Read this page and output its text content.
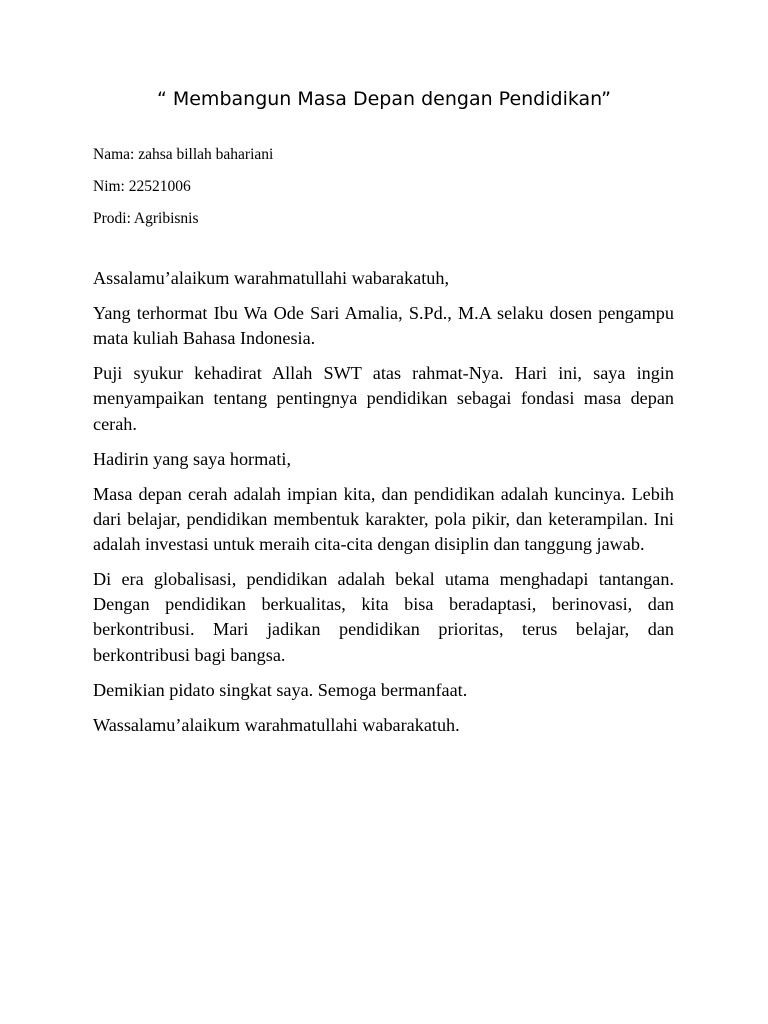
“ Membangun Masa Depan dengan Pendidikan”

Nama: zahsa billah bahariani

Nim: 22521006

Prodi: Agribisnis

Assalamu’alaikum warahmatullahi wabarakatuh,

Yang terhormat Ibu Wa Ode Sari Amalia, S.Pd., M.A selaku dosen pengampu mata kuliah Bahasa Indonesia.

Puji syukur kehadirat Allah SWT atas rahmat-Nya. Hari ini, saya ingin menyampaikan tentang pentingnya pendidikan sebagai fondasi masa depan cerah.

Hadirin yang saya hormati,

Masa depan cerah adalah impian kita, dan pendidikan adalah kuncinya. Lebih dari belajar, pendidikan membentuk karakter, pola pikir, dan keterampilan. Ini adalah investasi untuk meraih cita-cita dengan disiplin dan tanggung jawab.

Di era globalisasi, pendidikan adalah bekal utama menghadapi tantangan. Dengan pendidikan berkualitas, kita bisa beradaptasi, berinovasi, dan berkontribusi. Mari jadikan pendidikan prioritas, terus belajar, dan berkontribusi bagi bangsa.

Demikian pidato singkat saya. Semoga bermanfaat.

Wassalamu’alaikum warahmatullahi wabarakatuh.
